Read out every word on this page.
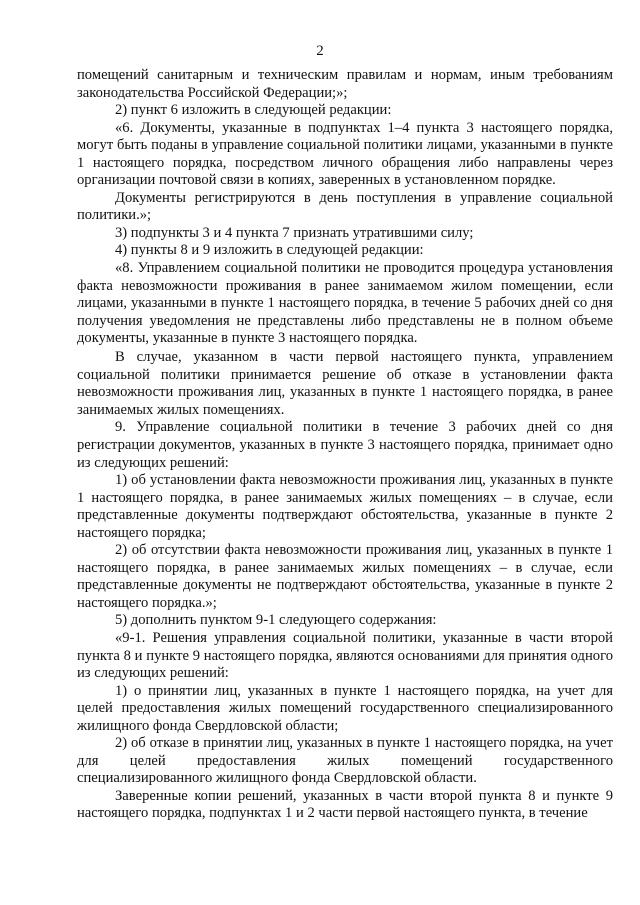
2

помещений санитарным и техническим правилам и нормам, иным требованиям законодательства Российской Федерации;»;

2) пункт 6 изложить в следующей редакции:

«6. Документы, указанные в подпунктах 1–4 пункта 3 настоящего порядка, могут быть поданы в управление социальной политики лицами, указанными в пункте 1 настоящего порядка, посредством личного обращения либо направлены через организации почтовой связи в копиях, заверенных в установленном порядке.

Документы регистрируются в день поступления в управление социальной политики.»;

3) подпункты 3 и 4 пункта 7 признать утратившими силу;

4) пункты 8 и 9 изложить в следующей редакции:

«8. Управлением социальной политики не проводится процедура установления факта невозможности проживания в ранее занимаемом жилом помещении, если лицами, указанными в пункте 1 настоящего порядка, в течение 5 рабочих дней со дня получения уведомления не представлены либо представлены не в полном объеме документы, указанные в пункте 3 настоящего порядка.

В случае, указанном в части первой настоящего пункта, управлением социальной политики принимается решение об отказе в установлении факта невозможности проживания лиц, указанных в пункте 1 настоящего порядка, в ранее занимаемых жилых помещениях.

9. Управление социальной политики в течение 3 рабочих дней со дня регистрации документов, указанных в пункте 3 настоящего порядка, принимает одно из следующих решений:

1) об установлении факта невозможности проживания лиц, указанных в пункте 1 настоящего порядка, в ранее занимаемых жилых помещениях – в случае, если представленные документы подтверждают обстоятельства, указанные в пункте 2 настоящего порядка;

2) об отсутствии факта невозможности проживания лиц, указанных в пункте 1 настоящего порядка, в ранее занимаемых жилых помещениях – в случае, если представленные документы не подтверждают обстоятельства, указанные в пункте 2 настоящего порядка.»;

5) дополнить пунктом 9-1 следующего содержания:

«9-1. Решения управления социальной политики, указанные в части второй пункта 8 и пункте 9 настоящего порядка, являются основаниями для принятия одного из следующих решений:

1) о принятии лиц, указанных в пункте 1 настоящего порядка, на учет для целей предоставления жилых помещений государственного специализированного жилищного фонда Свердловской области;

2) об отказе в принятии лиц, указанных в пункте 1 настоящего порядка, на учет для целей предоставления жилых помещений государственного специализированного жилищного фонда Свердловской области.

Заверенные копии решений, указанных в части второй пункта 8 и пункте 9 настоящего порядка, подпунктах 1 и 2 части первой настоящего пункта, в течение
